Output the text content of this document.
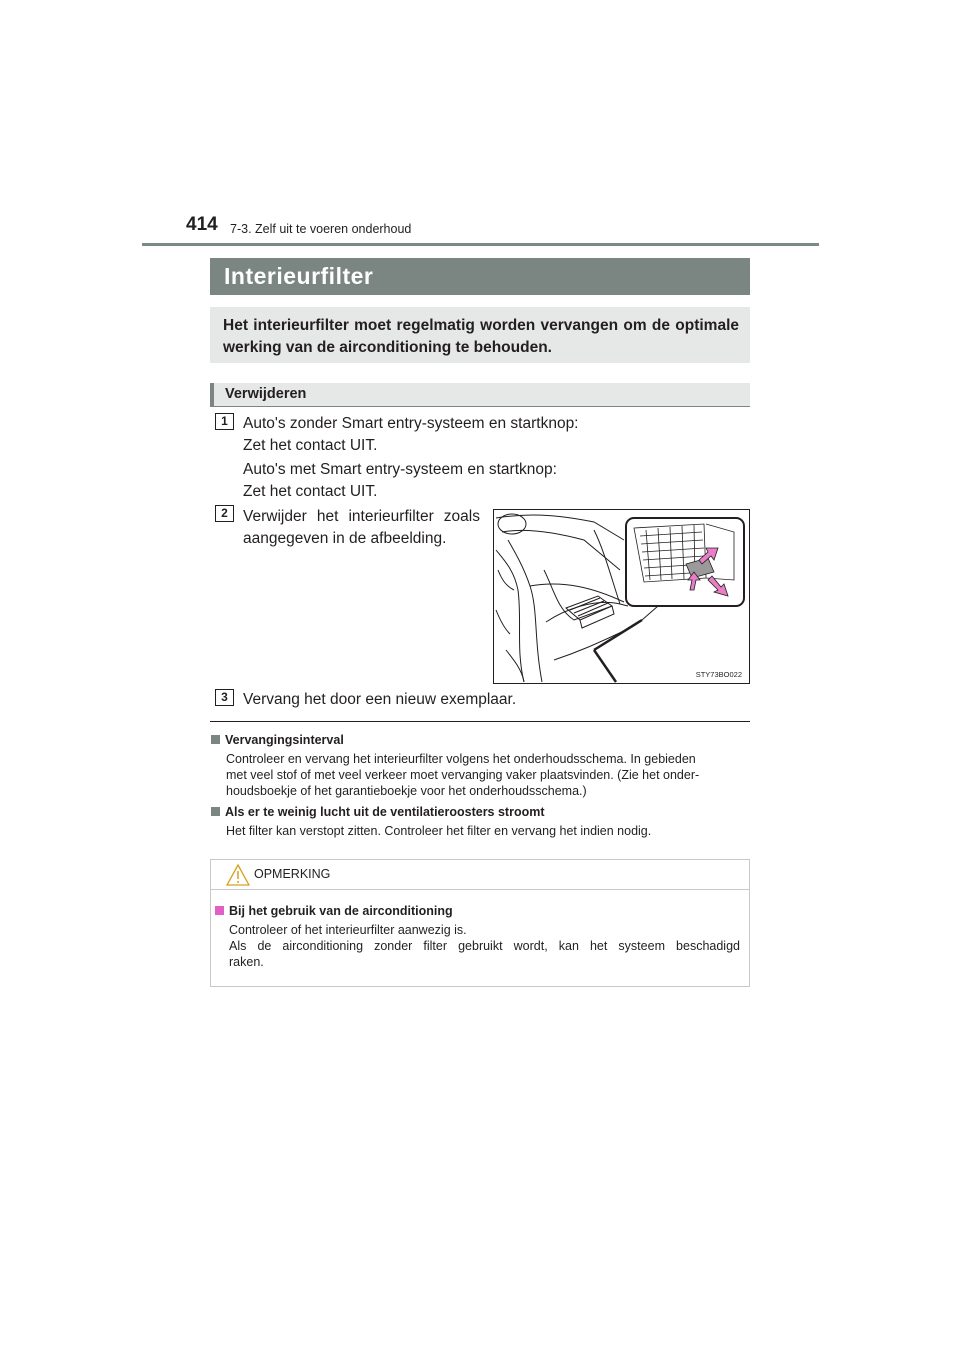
414 7-3. Zelf uit te voeren onderhoud
Interieurfilter
Het interieurfilter moet regelmatig worden vervangen om de optimale werking van de airconditioning te behouden.
Verwijderen
1 Auto's zonder Smart entry-systeem en startknop:
Zet het contact UIT.
Auto's met Smart entry-systeem en startknop:
Zet het contact UIT.
2 Verwijder het interieurfilter zoals
aangegeven in de afbeelding.
STY73BO022
3 Vervang het door een nieuw exemplaar.
Vervangingsinterval
Controleer en vervang het interieurfilter volgens het onderhoudsschema. In gebieden
met veel stof of met veel verkeer moet vervanging vaker plaatsvinden. (Zie het onder-
houdsboekje of het garantieboekje voor het onderhoudsschema.)
Als er te weinig lucht uit de ventilatieroosters stroomt
Het filter kan verstopt zitten. Controleer het filter en vervang het indien nodig.
OPMERKING
Bij het gebruik van de airconditioning
Controleer of het interieurfilter aanwezig is.
Als de airconditioning zonder filter gebruikt wordt, kan het systeem beschadigd
raken.
